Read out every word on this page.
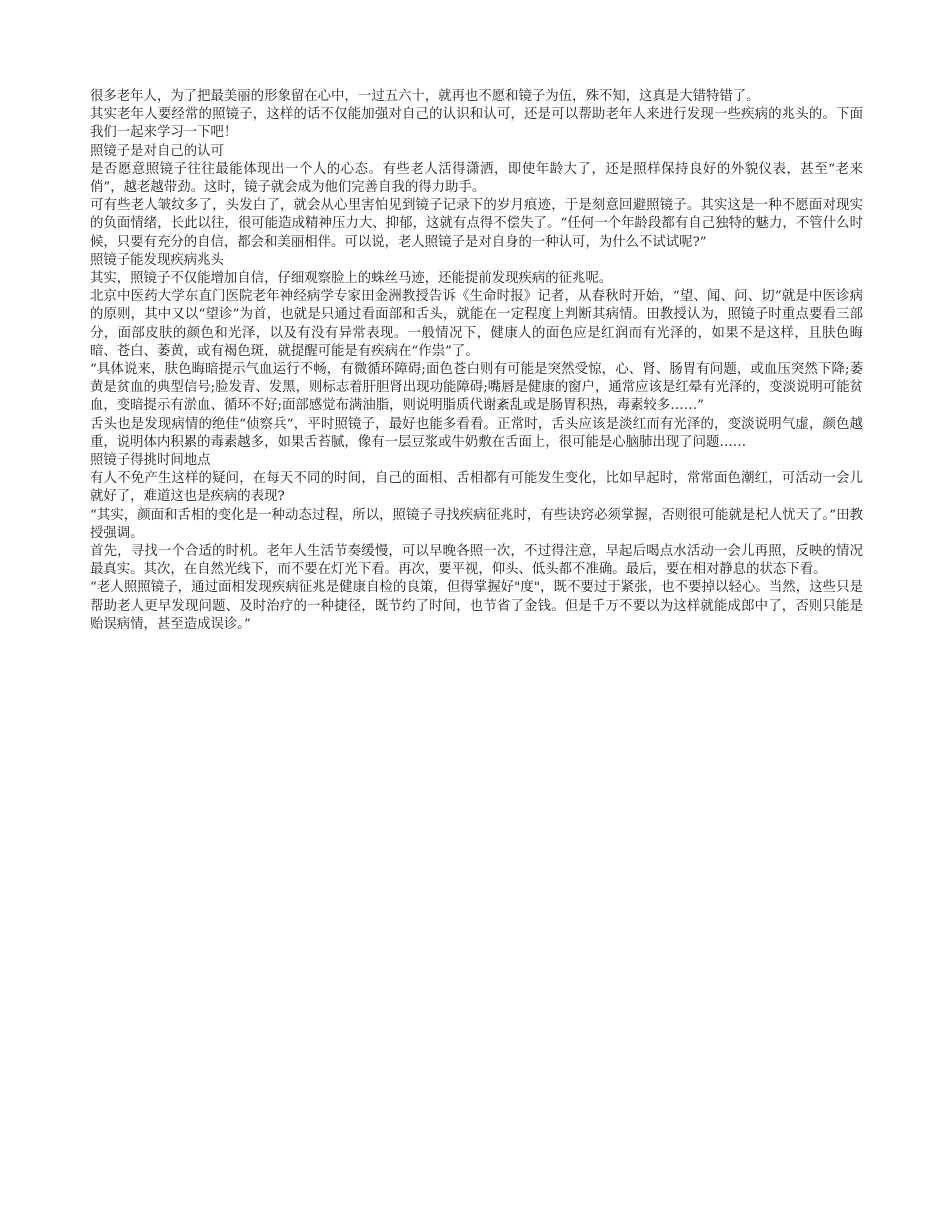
很多老年人，为了把最美丽的形象留在心中，一过五六十，就再也不愿和镜子为伍，殊不知，这真是大错特错了。

其实老年人要经常的照镜子，这样的话不仅能加强对自己的认识和认可，还是可以帮助老年人来进行发现一些疾病的兆头的。下面我们一起来学习一下吧！

照镜子是对自己的认可

是否愿意照镜子往往最能体现出一个人的心态。有些老人活得潇洒，即使年龄大了，还是照样保持良好的外貌仪表，甚至“老来俏”，越老越带劲。这时，镜子就会成为他们完善自我的得力助手。

可有些老人皱纹多了，头发白了，就会从心里害怕见到镜子记录下的岁月痕迹，于是刻意回避照镜子。其实这是一种不愿面对现实的负面情绪，长此以往，很可能造成精神压力大、抑郁，这就有点得不偿失了。“任何一个年龄段都有自己独特的魅力，不管什么时候，只要有充分的自信，都会和美丽相伴。可以说，老人照镜子是对自身的一种认可，为什么不试试呢?”

照镜子能发现疾病兆头

其实，照镜子不仅能增加自信，仔细观察脸上的蛛丝马迹，还能提前发现疾病的征兆呢。

北京中医药大学东直门医院老年神经病学专家田金洲教授告诉《生命时报》记者，从春秋时开始，“望、闻、问、切”就是中医诊病的原则，其中又以“望诊”为首，也就是只通过看面部和舌头，就能在一定程度上判断其病情。田教授认为，照镜子时重点要看三部分，面部皮肤的颜色和光泽，以及有没有异常表现。一般情况下，健康人的面色应是红润而有光泽的，如果不是这样，且肤色晦暗、苍白、萎黄，或有褐色斑，就提醒可能是有疾病在“作祟”了。

“具体说来，肤色晦暗提示气血运行不畅，有微循环障碍;面色苍白则有可能是突然受惊，心、肾、肠胃有问题，或血压突然下降;萎黄是贫血的典型信号;脸发青、发黑，则标志着肝胆肾出现功能障碍;嘴唇是健康的窗户，通常应该是红晕有光泽的，变淡说明可能贫血，变暗提示有淤血、循环不好;面部感觉布满油脂，则说明脂质代谢紊乱或是肠胃积热，毒素较多……”

舌头也是发现病情的绝佳“侦察兵”，平时照镜子，最好也能多看看。正常时，舌头应该是淡红而有光泽的，变淡说明气虚，颜色越重，说明体内积累的毒素越多，如果舌苔腻，像有一层豆浆或牛奶敷在舌面上，很可能是心脑肺出现了问题……

照镜子得挑时间地点

有人不免产生这样的疑问，在每天不同的时间，自己的面相、舌相都有可能发生变化，比如早起时，常常面色潮红，可活动一会儿就好了，难道这也是疾病的表现?

“其实，颜面和舌相的变化是一种动态过程，所以，照镜子寻找疾病征兆时，有些诀窍必须掌握，否则很可能就是杞人忧天了。”田教授强调。

首先，寻找一个合适的时机。老年人生活节奏缓慢，可以早晚各照一次，不过得注意，早起后喝点水活动一会儿再照，反映的情况最真实。其次，在自然光线下，而不要在灯光下看。再次，要平视，仰头、低头都不准确。最后，要在相对静息的状态下看。

“老人照照镜子，通过面相发现疾病征兆是健康自检的良策，但得掌握好"度"，既不要过于紧张，也不要掉以轻心。当然，这些只是帮助老人更早发现问题、及时治疗的一种捷径，既节约了时间，也节省了金钱。但是千万不要以为这样就能成郎中了，否则只能是贻误病情，甚至造成误诊。”
